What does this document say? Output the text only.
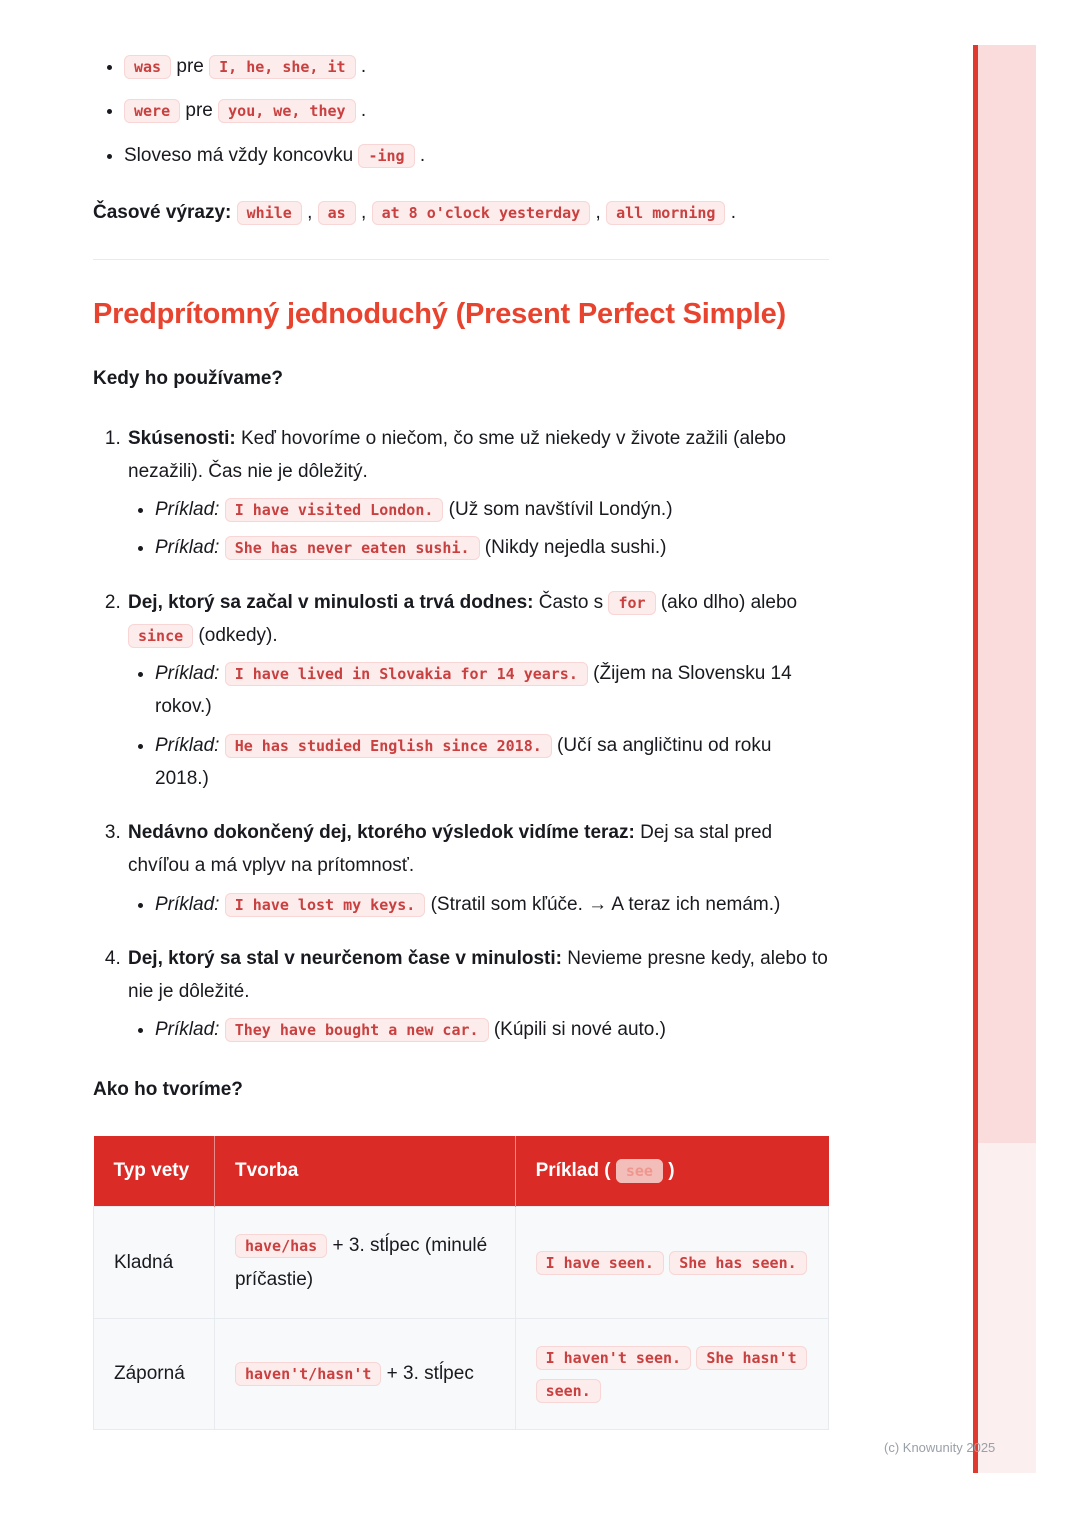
• was pre I, he, she, it .
• were pre you, we, they .
• Sloveso má vždy koncovku -ing .

Časové výrazy: while , as , at 8 o'clock yesterday , all morning .

Predprítomný jednoduchý (Present Perfect Simple)

Kedy ho používame?

1. Skúsenosti: Keď hovoríme o niečom, čo sme už niekedy v živote zažili (alebo nezažili). Čas nie je dôležitý.
• Príklad: I have visited London. (Už som navštívil Londýn.)
• Príklad: She has never eaten sushi. (Nikdy nejedla sushi.)
2. Dej, ktorý sa začal v minulosti a trvá dodnes: Často s for (ako dlho) alebo since (odkedy).
• Príklad: I have lived in Slovakia for 14 years. (Žijem na Slovensku 14 rokov.)
• Príklad: He has studied English since 2018. (Učí sa angličtinu od roku 2018.)
3. Nedávno dokončený dej, ktorého výsledok vidíme teraz: Dej sa stal pred chvíľou a má vplyv na prítomnosť.
• Príklad: I have lost my keys. (Stratil som kľúče. → A teraz ich nemám.)
4. Dej, ktorý sa stal v neurčenom čase v minulosti: Nevieme presne kedy, alebo to nie je dôležité.
• Príklad: They have bought a new car. (Kúpili si nové auto.)

Ako ho tvoríme?

Typ vety	Tvorba	Príklad ( see )
Kladná	have/has + 3. stĺpec (minulé príčastie)	I have seen. She has seen.
Záporná	haven't/hasn't + 3. stĺpec	I haven't seen. She hasn't seen.
(c) Knowunity 2025
